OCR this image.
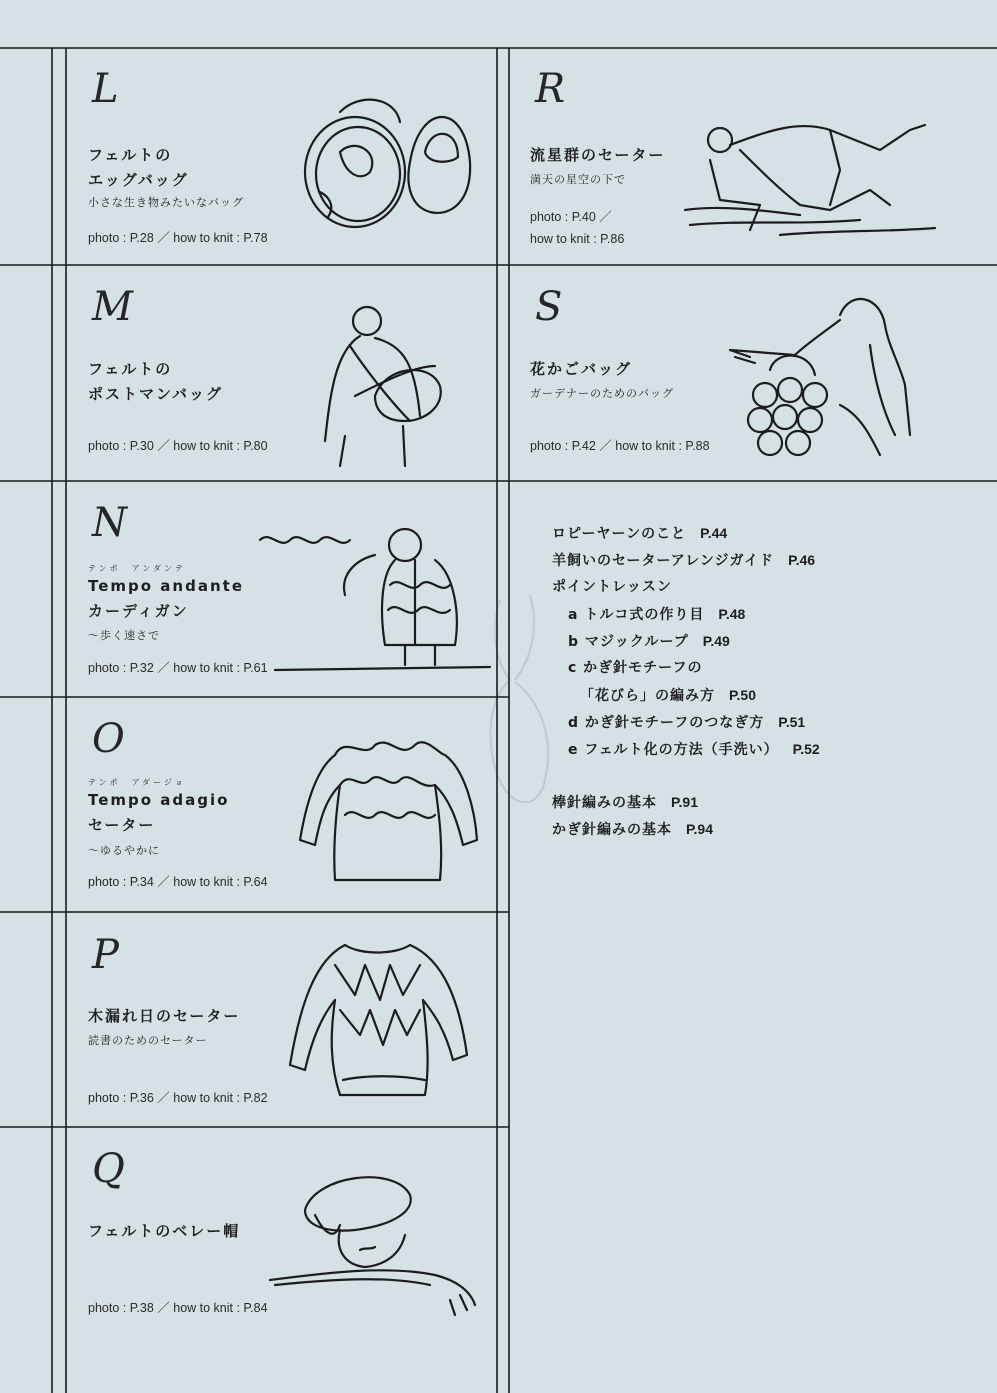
L
フェルトの
エッグバッグ
小さな生き物みたいなバッグ
photo : P.28 ／ how to knit : P.78
M
フェルトの
ポストマンバッグ
photo : P.30 ／ how to knit : P.80
N
テンポ　アンダンテ
Tempo andante
カーディガン
〜歩く速さで
photo : P.32 ／ how to knit : P.61
O
テンポ　アダージョ
Tempo adagio
セーター
〜ゆるやかに
photo : P.34 ／ how to knit : P.64
P
木漏れ日のセーター
読書のためのセーター
photo : P.36 ／ how to knit : P.82
Q
フェルトのベレー帽
photo : P.38 ／ how to knit : P.84
R
流星群のセーター
満天の星空の下で
photo : P.40 ／
how to knit : P.86
S
花かごバッグ
ガーデナーのためのバッグ
photo : P.42 ／ how to knit : P.88
ロピーヤーンのこと P.44
羊飼いのセーターアレンジガイド P.46
ポイントレッスン
a トルコ式の作り目 P.48
b マジックループ P.49
c かぎ針モチーフの
「花びら」の編み方 P.50
d かぎ針モチーフのつなぎ方 P.51
e フェルト化の方法（手洗い） P.52
棒針編みの基本 P.91
かぎ針編みの基本 P.94
